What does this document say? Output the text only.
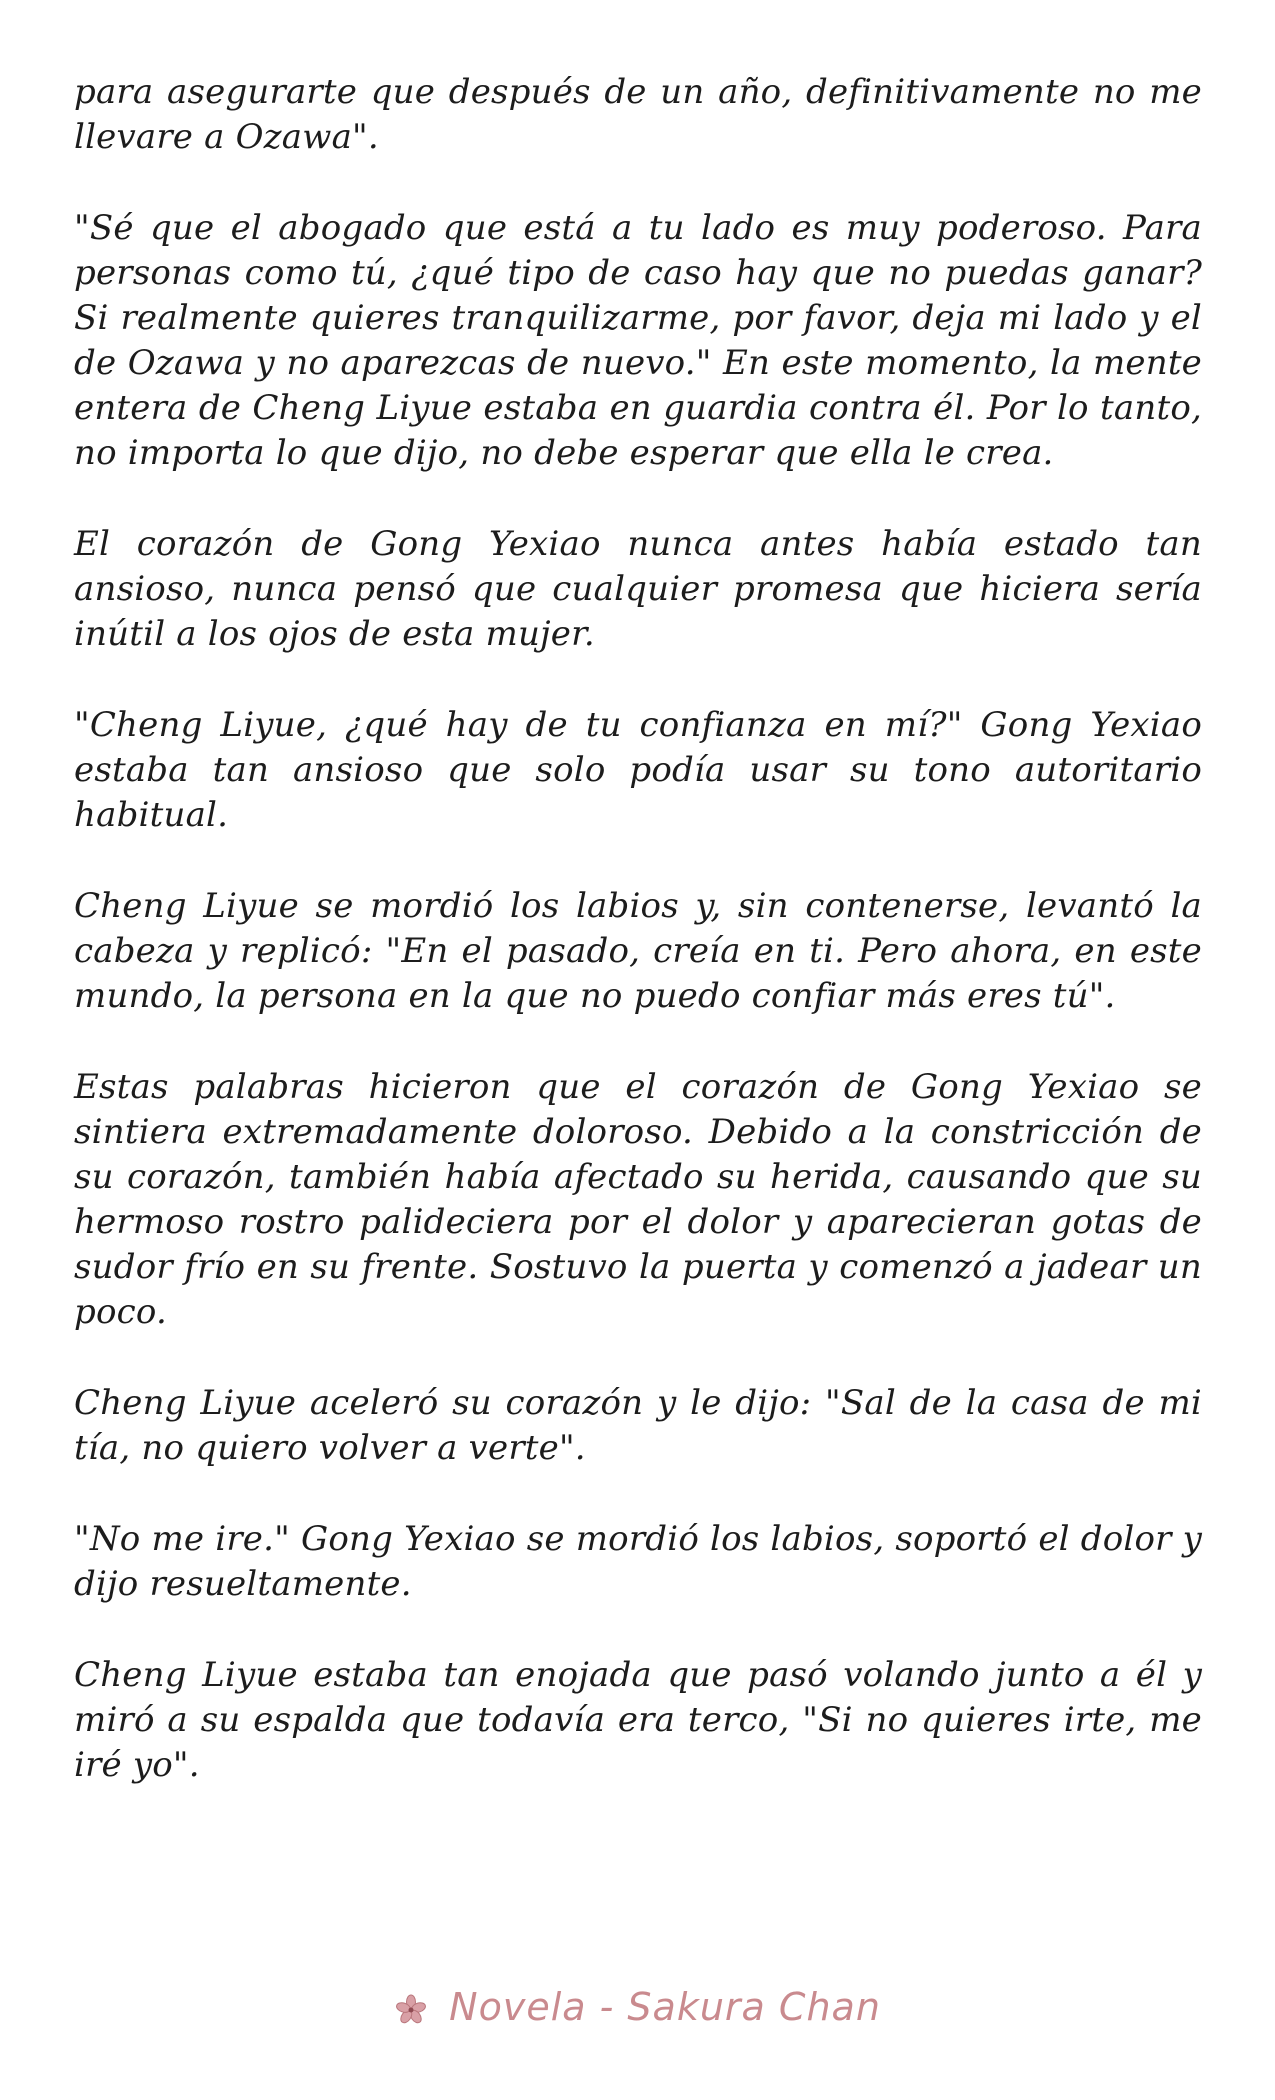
para asegurarte que después de un año, definitivamente no me llevare a Ozawa".

"Sé que el abogado que está a tu lado es muy poderoso. Para personas como tú, ¿qué tipo de caso hay que no puedas ganar? Si realmente quieres tranquilizarme, por favor, deja mi lado y el de Ozawa y no aparezcas de nuevo." En este momento, la mente entera de Cheng Liyue estaba en guardia contra él. Por lo tanto, no importa lo que dijo, no debe esperar que ella le crea.

El corazón de Gong Yexiao nunca antes había estado tan ansioso, nunca pensó que cualquier promesa que hiciera sería inútil a los ojos de esta mujer.

"Cheng Liyue, ¿qué hay de tu confianza en mí?" Gong Yexiao estaba tan ansioso que solo podía usar su tono autoritario habitual.

Cheng Liyue se mordió los labios y, sin contenerse, levantó la cabeza y replicó: "En el pasado, creía en ti. Pero ahora, en este mundo, la persona en la que no puedo confiar más eres tú".

Estas palabras hicieron que el corazón de Gong Yexiao se sintiera extremadamente doloroso. Debido a la constricción de su corazón, también había afectado su herida, causando que su hermoso rostro palideciera por el dolor y aparecieran gotas de sudor frío en su frente. Sostuvo la puerta y comenzó a jadear un poco.

Cheng Liyue aceleró su corazón y le dijo: "Sal de la casa de mi tía, no quiero volver a verte".

"No me ire." Gong Yexiao se mordió los labios, soportó el dolor y dijo resueltamente.

Cheng Liyue estaba tan enojada que pasó volando junto a él y miró a su espalda que todavía era terco, "Si no quieres irte, me iré yo".

Novela - Sakura Chan
